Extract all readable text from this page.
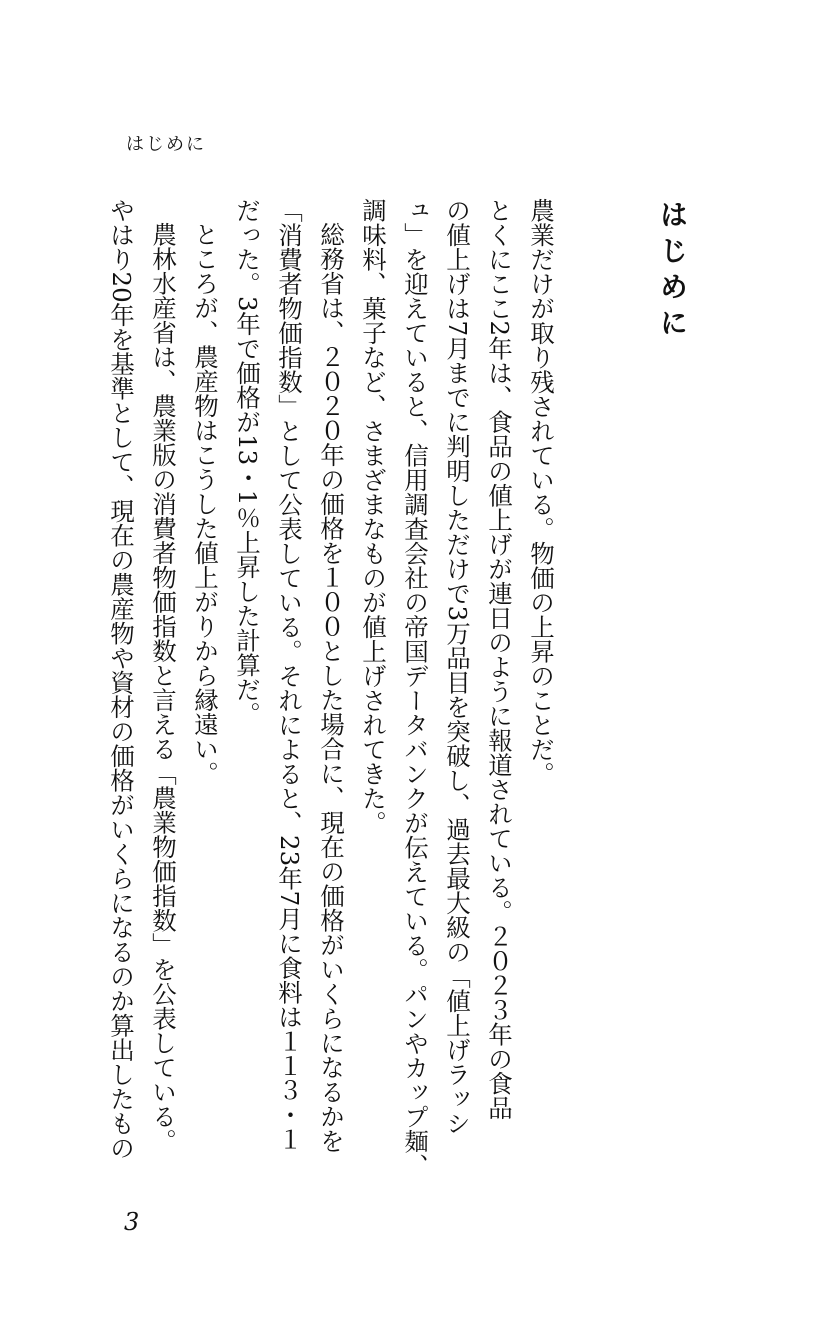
はじめに
はじめに

農業だけが取り残されている。物価の上昇のことだ。

とくにここ2年は、食品の値上げが連日のように報道されている。２０２３年の食品

の値上げは7月までに判明しただけで3万品目を突破し、過去最大級の「値上げラッシ

ュ」を迎えていると、信用調査会社の帝国データバンクが伝えている。パンやカップ麺、

調味料、菓子など、さまざまなものが値上げされてきた。

総務省は、２０２０年の価格を１００とした場合に、現在の価格がいくらになるかを

「消費者物価指数」として公表している。それによると、23年7月に食料は１１３・１

だった。3年で価格が13・1％上昇した計算だ。

ところが、農産物はこうした値上がりから縁遠い。

農林水産省は、農業版の消費者物価指数と言える「農業物価指数」を公表している。

やはり20年を基準として、現在の農産物や資材の価格がいくらになるのか算出したもの

3
